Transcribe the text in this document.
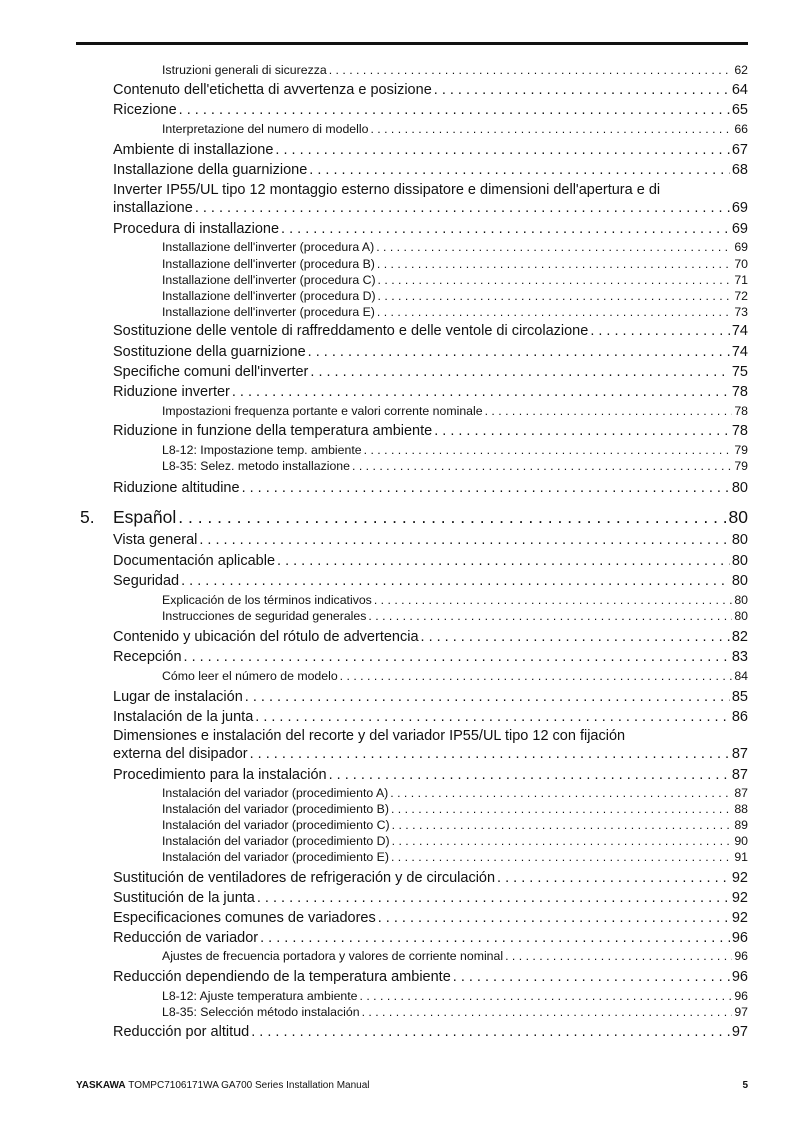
Istruzioni generali di sicurezza . . .	62
Contenuto dell'etichetta di avvertenza e posizione . . .	64
Ricezione . . .	65
Interpretazione del numero di modello . . .	66
Ambiente di installazione . . .	67
Installazione della guarnizione . . .	68
Inverter IP55/UL tipo 12 montaggio esterno dissipatore e dimensioni dell'apertura e di
installazione . . .	69
Procedura di installazione . . .	69
Installazione dell'inverter (procedura A) . . .	69
Installazione dell'inverter (procedura B) . . .	70
Installazione dell'inverter (procedura C) . . .	71
Installazione dell'inverter (procedura D) . . .	72
Installazione dell'inverter (procedura E) . . .	73
Sostituzione delle ventole di raffreddamento e delle ventole di circolazione . . .	74
Sostituzione della guarnizione . . .	74
Specifiche comuni dell'inverter . . .	75
Riduzione inverter . . .	78
Impostazioni frequenza portante e valori corrente nominale . . .	78
Riduzione in funzione della temperatura ambiente . . .	78
L8-12: Impostazione temp. ambiente . . .	79
L8-35: Selez. metodo installazione . . .	79
Riduzione altitudine . . .	80
5. Español . . .	80
Vista general . . .	80
Documentación aplicable . . .	80
Seguridad . . .	80
Explicación de los términos indicativos . . .	80
Instrucciones de seguridad generales . . .	80
Contenido y ubicación del rótulo de advertencia . . .	82
Recepción . . .	83
Cómo leer el número de modelo . . .	84
Lugar de instalación . . .	85
Instalación de la junta . . .	86
Dimensiones e instalación del recorte y del variador IP55/UL tipo 12 con fijación
externa del disipador . . .	87
Procedimiento para la instalación . . .	87
Instalación del variador (procedimiento A) . . .	87
Instalación del variador (procedimiento B) . . .	88
Instalación del variador (procedimiento C) . . .	89
Instalación del variador (procedimiento D) . . .	90
Instalación del variador (procedimiento E) . . .	91
Sustitución de ventiladores de refrigeración y de circulación . . .	92
Sustitución de la junta . . .	92
Especificaciones comunes de variadores . . .	92
Reducción de variador . . .	96
Ajustes de frecuencia portadora y valores de corriente nominal . . .	96
Reducción dependiendo de la temperatura ambiente . . .	96
L8-12: Ajuste temperatura ambiente . . .	96
L8-35: Selección método instalación . . .	97
Reducción por altitud . . .	97
YASKAWA TOMPC7106171WA GA700 Series Installation Manual	5
